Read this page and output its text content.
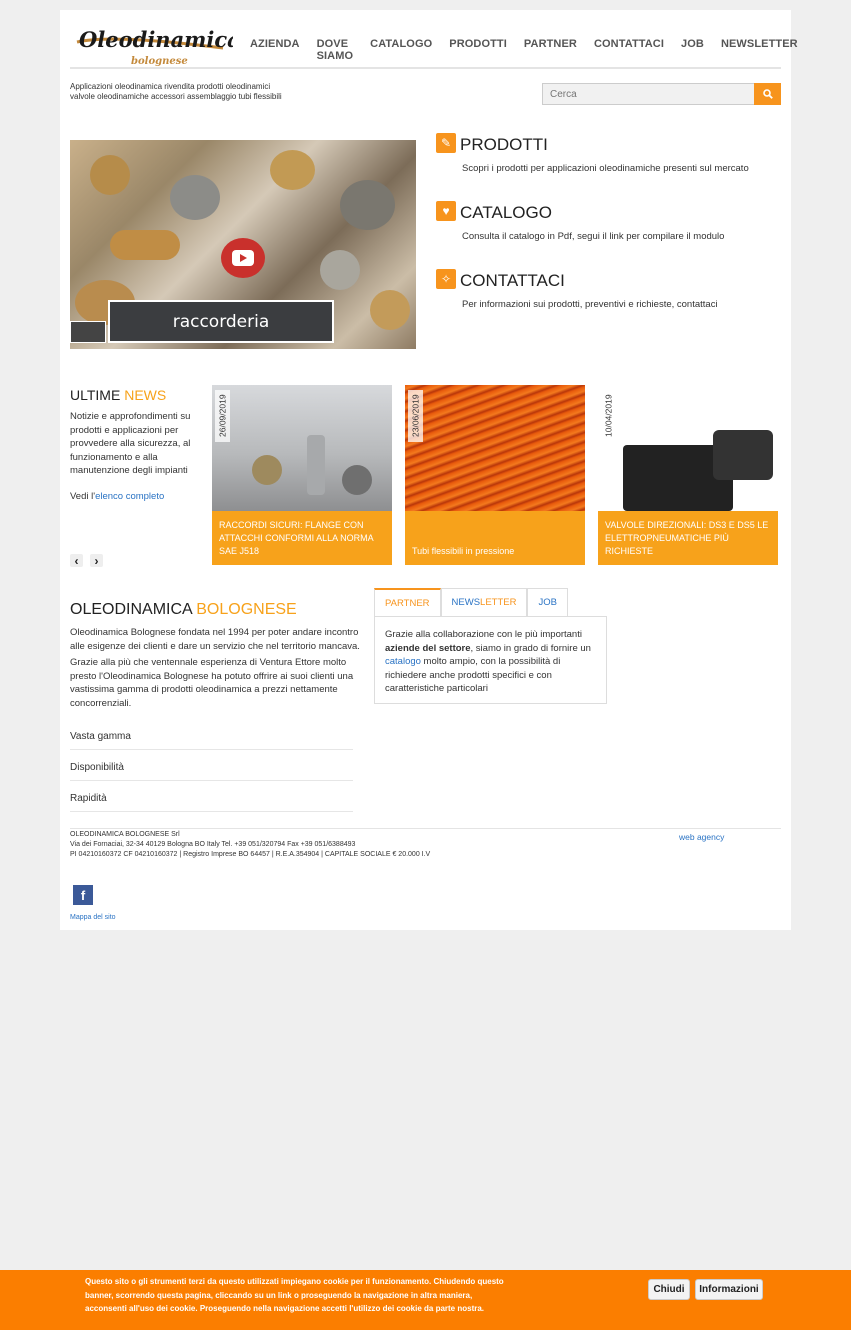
Oleodinamica
bolognese
AZIENDA DOVE SIAMO
CATALOGO PRODOTTI PARTNER CONTATTACI JOB NEWSLETTER
Applicazioni oleodinamica rivendita prodotti oleodinamici
valvole oleodinamiche accessori assemblaggio tubi flessibili
Cerca
raccorderia
✎ PRODOTTI
Scopri i prodotti per applicazioni oleodinamiche presenti sul mercato
♥ CATALOGO
Consulta il catalogo in Pdf, segui il link per compilare il modulo
✧ CONTATTACI
Per informazioni sui prodotti, preventivi e richieste, contattaci
ULTIME NEWS
Notizie e approfondimenti su prodotti e applicazioni per provvedere alla sicurezza, al funzionamento e alla manutenzione degli impianti
Vedi l'elenco completo
26/09/2019
RACCORDI SICURI: FLANGE CON ATTACCHI CONFORMI ALLA NORMA SAE J518
23/06/2019
Tubi flessibili in pressione
10/04/2019
VALVOLE DIREZIONALI: DS3 E DS5 LE ELETTROPNEUMATICHE PIÙ RICHIESTE
‹	›
OLEODINAMICA BOLOGNESE
Oleodinamica Bolognese fondata nel 1994 per poter andare incontro alle esigenze dei clienti e dare un servizio che nel territorio mancava.
Grazie alla più che ventennale esperienza di Ventura Ettore molto presto l'Oleodinamica Bolognese ha potuto offrire ai suoi clienti una vastissima gamma di prodotti oleodinamica a prezzi nettamente concorrenziali.
Vasta gamma
Disponibilità
Rapidità
PARTNER	NEWSLETTER	JOB
Grazie alla collaborazione con le più importanti aziende del settore, siamo in grado di fornire un catalogo molto ampio, con la possibilità di richiedere anche prodotti specifici e con caratteristiche particolari
OLEODINAMICA BOLOGNESE Srl
Via dei Fornaciai, 32-34 40129 Bologna BO Italy Tel. +39 051/320794 Fax +39 051/6388493
PI 04210160372 CF 04210160372 | Registro Imprese BO 64457 | R.E.A.354904 | CAPITALE SOCIALE € 20.000 I.V
web agency
f
Mappa del sito
Questo sito o gli strumenti terzi da questo utilizzati impiegano cookie per il funzionamento. Chiudendo questo banner, scorrendo questa pagina, cliccando su un link o proseguendo la navigazione in altra maniera, acconsenti all'uso dei cookie. Proseguendo nella navigazione accetti l'utilizzo dei cookie da parte nostra.
Chiudi	Informazioni
